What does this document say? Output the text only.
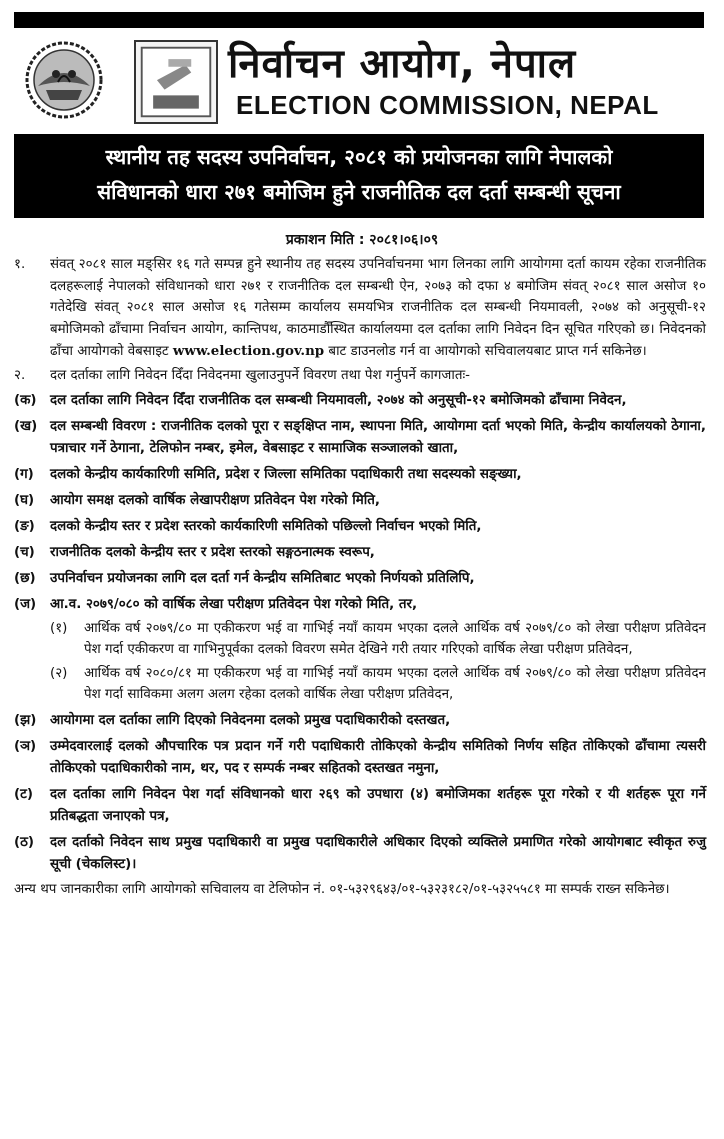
निर्वाचन आयोग, नेपाल
ELECTION COMMISSION, NEPAL
स्थानीय तह सदस्य उपनिर्वाचन, २०८१ को प्रयोजनका लागि नेपालको
संविधानको धारा २७१ बमोजिम हुने राजनीतिक दल दर्ता सम्बन्धी सूचना
प्रकाशन मिति : २०८१।०६।०९
१.	संवत् २०८१ साल मङ्सिर १६ गते सम्पन्न हुने स्थानीय तह सदस्य उपनिर्वाचनमा भाग लिनका लागि आयोगमा दर्ता कायम रहेका राजनीतिक दलहरूलाई नेपालको संविधानको धारा २७१ र राजनीतिक दल सम्बन्धी ऐन, २०७३ को दफा ४ बमोजिम संवत् २०८१ साल असोज १० गतेदेखि संवत् २०८१ साल असोज १६ गतेसम्म कार्यालय समयभित्र राजनीतिक दल सम्बन्धी नियमावली, २०७४ को अनुसूची-१२ बमोजिमको ढाँचामा निर्वाचन आयोग, कान्तिपथ, काठमाडौँस्थित कार्यालयमा दल दर्ताका लागि निवेदन दिन सूचित गरिएको छ। निवेदनको ढाँचा आयोगको वेबसाइट www.election.gov.np बाट डाउनलोड गर्न वा आयोगको सचिवालयबाट प्राप्त गर्न सकिनेछ।
२.	दल दर्ताका लागि निवेदन दिँदा निवेदनमा खुलाउनुपर्ने विवरण तथा पेश गर्नुपर्ने कागजातः-
(क)	दल दर्ताका लागि निवेदन दिँदा राजनीतिक दल सम्बन्धी नियमावली, २०७४ को अनुसूची-१२ बमोजिमको ढाँचामा निवेदन,
(ख) दल सम्बन्धी विवरण : राजनीतिक दलको पूरा र सङ्क्षिप्त नाम, स्थापना मिति, आयोगमा दर्ता भएको मिति, केन्द्रीय कार्यालयको ठेगाना, पत्राचार गर्ने ठेगाना, टेलिफोन नम्बर, इमेल, वेबसाइट र सामाजिक सञ्जालको खाता,
(ग)	दलको केन्द्रीय कार्यकारिणी समिति, प्रदेश र जिल्ला समितिका पदाधिकारी तथा सदस्यको सङ्ख्या,
(घ)	आयोग समक्ष दलको वार्षिक लेखापरीक्षण प्रतिवेदन पेश गरेको मिति,
(ङ)	दलको केन्द्रीय स्तर र प्रदेश स्तरको कार्यकारिणी समितिको पछिल्लो निर्वाचन भएको मिति,
(च)	राजनीतिक दलको केन्द्रीय स्तर र प्रदेश स्तरको सङ्गठनात्मक स्वरूप,
(छ)	उपनिर्वाचन प्रयोजनका लागि दल दर्ता गर्न केन्द्रीय समितिबाट भएको निर्णयको प्रतिलिपि,
(ज)	आ.व. २०७९/०८० को वार्षिक लेखा परीक्षण प्रतिवेदन पेश गरेको मिति, तर,
(१)	आर्थिक वर्ष २०७९/८० मा एकीकरण भई वा गाभिई नयाँ कायम भएका दलले आर्थिक वर्ष २०७९/८० को लेखा परीक्षण प्रतिवेदन पेश गर्दा एकीकरण वा गाभिनुपूर्वका दलको विवरण समेत देखिने गरी तयार गरिएको वार्षिक लेखा परीक्षण प्रतिवेदन,
(२)	आर्थिक वर्ष २०८०/८१ मा एकीकरण भई वा गाभिई नयाँ कायम भएका दलले आर्थिक वर्ष २०७९/८० को लेखा परीक्षण प्रतिवेदन पेश गर्दा साविकमा अलग अलग रहेका दलको वार्षिक लेखा परीक्षण प्रतिवेदन,
(झ)	आयोगमा दल दर्ताका लागि दिएको निवेदनमा दलको प्रमुख पदाधिकारीको दस्तखत,
(ञ)	उम्मेदवारलाई दलको औपचारिक पत्र प्रदान गर्ने गरी पदाधिकारी तोकिएको केन्द्रीय समितिको निर्णय सहित तोकिएको ढाँचामा त्यसरी तोकिएको पदाधिकारीको नाम, थर, पद र सम्पर्क नम्बर सहितको दस्तखत नमुना,
(ट)	दल दर्ताका लागि निवेदन पेश गर्दा संविधानको धारा २६९ को उपधारा (४) बमोजिमका शर्तहरू पूरा गरेको र यी शर्तहरू पूरा गर्ने प्रतिबद्धता जनाएको पत्र,
(ठ)	दल दर्ताको निवेदन साथ प्रमुख पदाधिकारी वा प्रमुख पदाधिकारीले अधिकार दिएको व्यक्तिले प्रमाणित गरेको आयोगबाट स्वीकृत रुजु सूची (चेकलिस्ट)।
अन्य थप जानकारीका लागि आयोगको सचिवालय वा टेलिफोन नं. ०१-५३२९६४३/०१-५३२३१८२/०१-५३२५५८१ मा सम्पर्क राख्न सकिनेछ।
